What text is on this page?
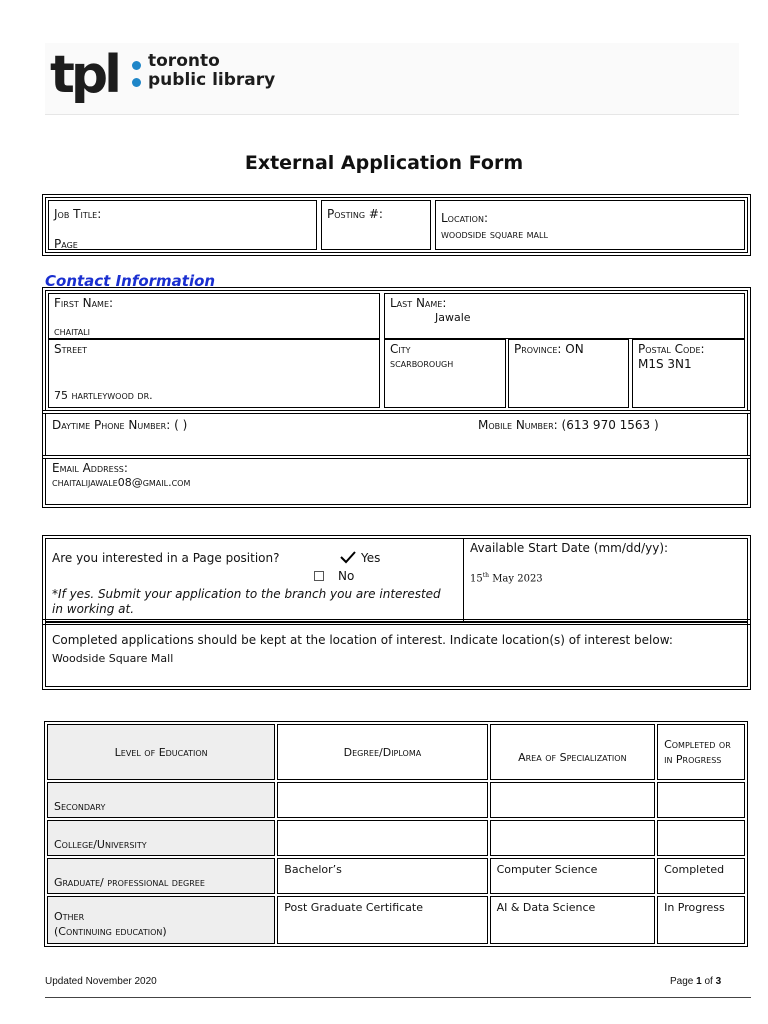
tpl toronto
public library
External Application Form
Job Title:
Page
Posting #:	Location:
woodside square mall
Contact Information
First Name:
chaitali
Last Name:
Jawale
Street
75 hartleywood dr.
City
scarborough
Province: ON	Postal Code:
M1S 3N1
Daytime Phone Number: ( )	Mobile Number: (613 970 1563 )
Email Address:
chaitalijawale08@gmail.com
Are you interested in a Page position?	Yes
No
*If yes. Submit your application to the branch you are interested in working at.
Available Start Date (mm/dd/yy):
15th May 2023
Completed applications should be kept at the location of interest. Indicate location(s) of interest below:
Woodside Square Mall
Level of Education	Degree/Diploma	Area of Specialization	Completed or in Progress
Secondary			
College/University			
Graduate/ professional degree	Bachelor’s	Computer Science	Completed

Other
(Continuing education)	Post Graduate Certificate	AI & Data Science	In Progress
Updated November 2020	Page 1 of 3
